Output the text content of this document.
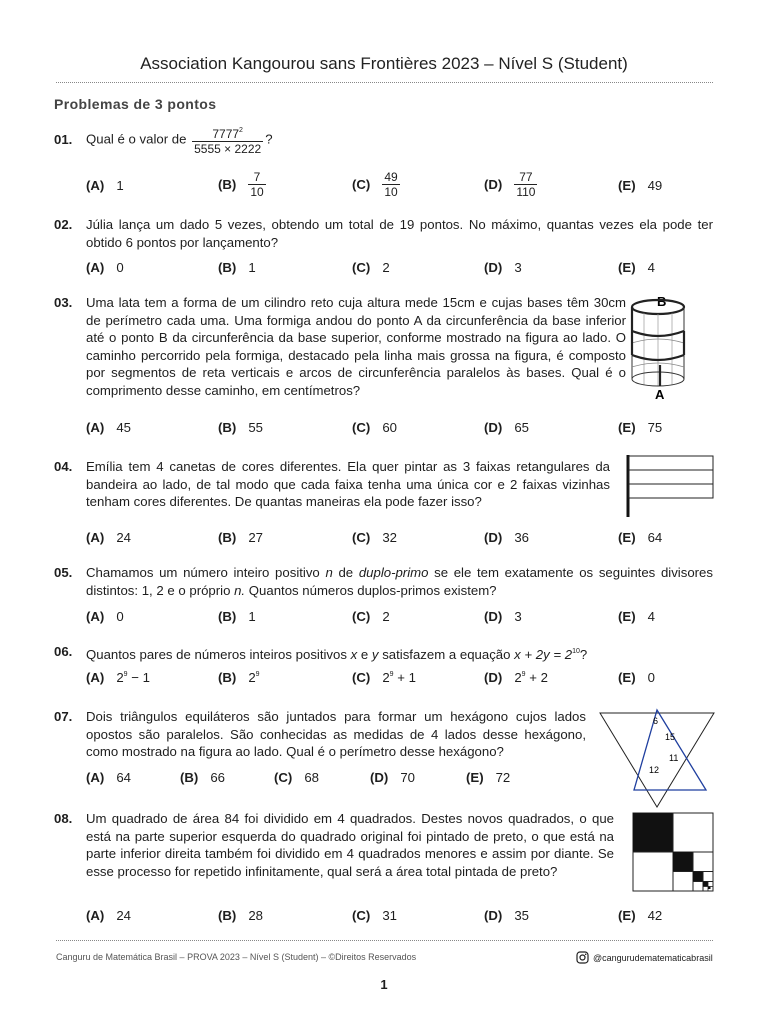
Association Kangourou sans Frontières 2023 – Nível S (Student)
Problemas de 3 pontos
01. Qual é o valor de $\frac{7777^2}{5555 \times 2222}$ ?
(A) 1	$(B) \frac{7}{10}$	$(C) \frac{49}{10}$	$(D) \frac{77}{110}$	(E) 49
02. Júlia lança um dado 5 vezes, obtendo um total de 19 pontos. No máximo, quantas vezes ela pode ter obtido 6 pontos por lançamento?
(A) 0	(B) 1	(C) 2	(D) 3	(E) 4
03. Uma lata tem a forma de um cilindro reto cuja altura mede 15cm e cujas bases têm 30cm de perímetro cada uma. Uma formiga andou do ponto A da circunferência da base inferior até o ponto B da circunferência da base superior, conforme mostrado na figura ao lado. O caminho percorrido pela formiga, destacado pela linha mais grossa na figura, é composto por segmentos de reta verticais e arcos de circunferência paralelos às bases. Qual é o comprimento desse caminho, em centímetros?
B
A
(A) 45	(B) 55	(C) 60	(D) 65	(E) 75
04. Emília tem 4 canetas de cores diferentes. Ela quer pintar as 3 faixas retangulares da bandeira ao lado, de tal modo que cada faixa tenha uma única cor e 2 faixas vizinhas tenham cores diferentes. De quantas maneiras ela pode fazer isso?
(A) 24	(B) 27	(C) 32	(D) 36	(E) 64
05. Chamamos um número inteiro positivo n de duplo-primo se ele tem exatamente os seguintes divisores distintos: 1, 2 e o próprio n. Quantos números duplos-primos existem?
(A) 0	(B) 1	(C) 2	(D) 3	(E) 4
06. Quantos pares de números inteiros positivos x e y satisfazem a equação $x + 2y = 2^{10}$?
(A) $2^9 - 1$	(B) $2^9$	(C) $2^9 + 1$	(D) $2^9 + 2$	(E) 0
07. Dois triângulos equiláteros são juntados para formar um hexágono cujos lados opostos são paralelos. São conhecidas as medidas de 4 lados desse hexágono, como mostrado na figura ao lado. Qual é o perímetro desse hexágono?
6
15
11
12
(A) 64	(B) 66	(C) 68	(D) 70	(E) 72
08. Um quadrado de área 84 foi dividido em 4 quadrados. Destes novos quadrados, o que está na parte superior esquerda do quadrado original foi pintado de preto, o que está na parte inferior direita também foi dividido em 4 quadrados menores e assim por diante. Se esse processo for repetido infinitamente, qual será a área total pintada de preto?
(A) 24	(B) 28	(C) 31	(D) 35	(E) 42
Canguru de Matemática Brasil – PROVA 2023 – Nível S (Student) – ©Direitos Reservados	@cangurudematematicabrasil
1
